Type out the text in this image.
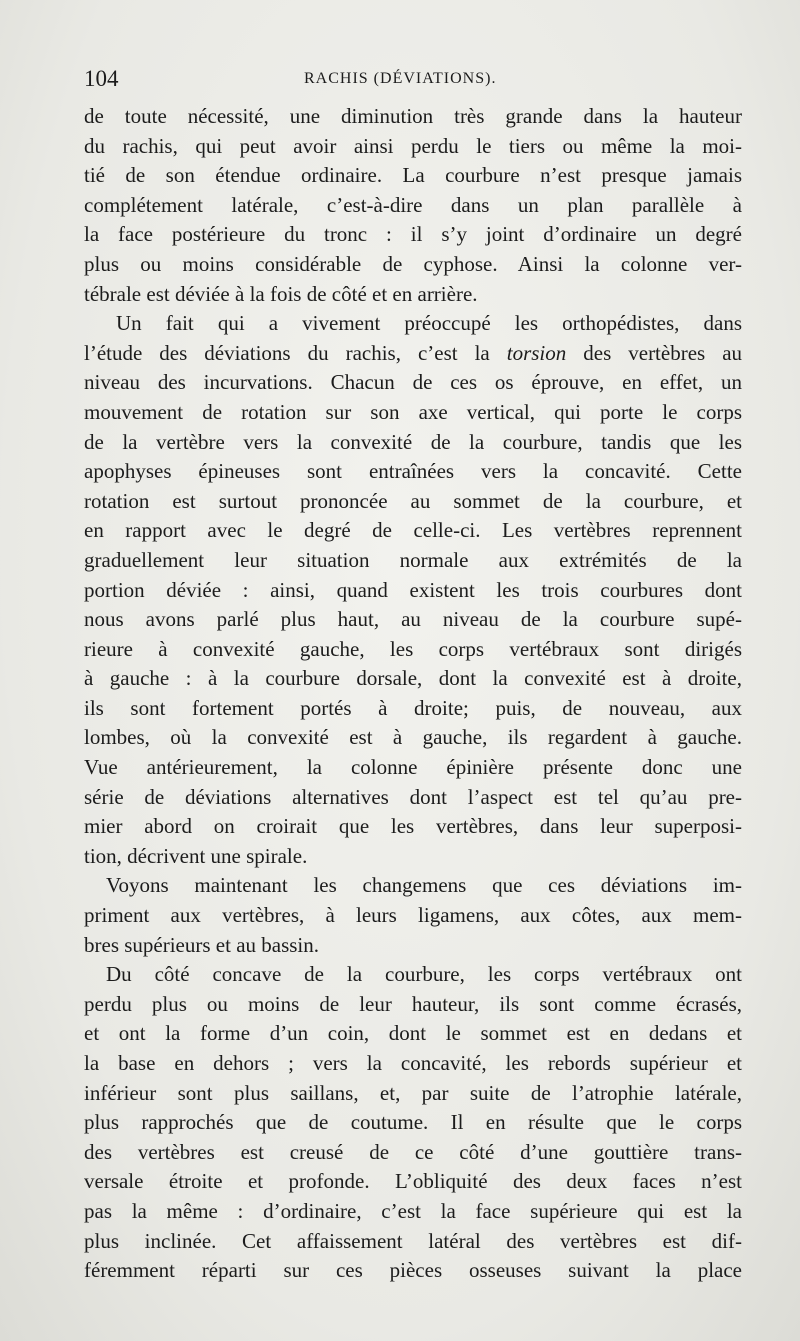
104	RACHIS (DÉVIATIONS).
de toute nécessité, une diminution très grande dans la hauteur
du rachis, qui peut avoir ainsi perdu le tiers ou même la moi-
tié de son étendue ordinaire. La courbure n’est presque jamais
complétement latérale, c’est-à-dire dans un plan parallèle à
la face postérieure du tronc : il s’y joint d’ordinaire un degré
plus ou moins considérable de cyphose. Ainsi la colonne ver-
tébrale est déviée à la fois de côté et en arrière.
Un fait qui a vivement préoccupé les orthopédistes, dans
l’étude des déviations du rachis, c’est la torsion des vertèbres au
niveau des incurvations. Chacun de ces os éprouve, en effet, un
mouvement de rotation sur son axe vertical, qui porte le corps
de la vertèbre vers la convexité de la courbure, tandis que les
apophyses épineuses sont entraînées vers la concavité. Cette
rotation est surtout prononcée au sommet de la courbure, et
en rapport avec le degré de celle-ci. Les vertèbres reprennent
graduellement leur situation normale aux extrémités de la
portion déviée : ainsi, quand existent les trois courbures dont
nous avons parlé plus haut, au niveau de la courbure supé-
rieure à convexité gauche, les corps vertébraux sont dirigés
à gauche : à la courbure dorsale, dont la convexité est à droite,
ils sont fortement portés à droite; puis, de nouveau, aux
lombes, où la convexité est à gauche, ils regardent à gauche.
Vue antérieurement, la colonne épinière présente donc une
série de déviations alternatives dont l’aspect est tel qu’au pre-
mier abord on croirait que les vertèbres, dans leur superposi-
tion, décrivent une spirale.
Voyons maintenant les changemens que ces déviations im-
priment aux vertèbres, à leurs ligamens, aux côtes, aux mem-
bres supérieurs et au bassin.
Du côté concave de la courbure, les corps vertébraux ont
perdu plus ou moins de leur hauteur, ils sont comme écrasés,
et ont la forme d’un coin, dont le sommet est en dedans et
la base en dehors ; vers la concavité, les rebords supérieur et
inférieur sont plus saillans, et, par suite de l’atrophie latérale,
plus rapprochés que de coutume. Il en résulte que le corps
des vertèbres est creusé de ce côté d’une gouttière trans-
versale étroite et profonde. L’obliquité des deux faces n’est
pas la même : d’ordinaire, c’est la face supérieure qui est la
plus inclinée. Cet affaissement latéral des vertèbres est dif-
féremment réparti sur ces pièces osseuses suivant la place
